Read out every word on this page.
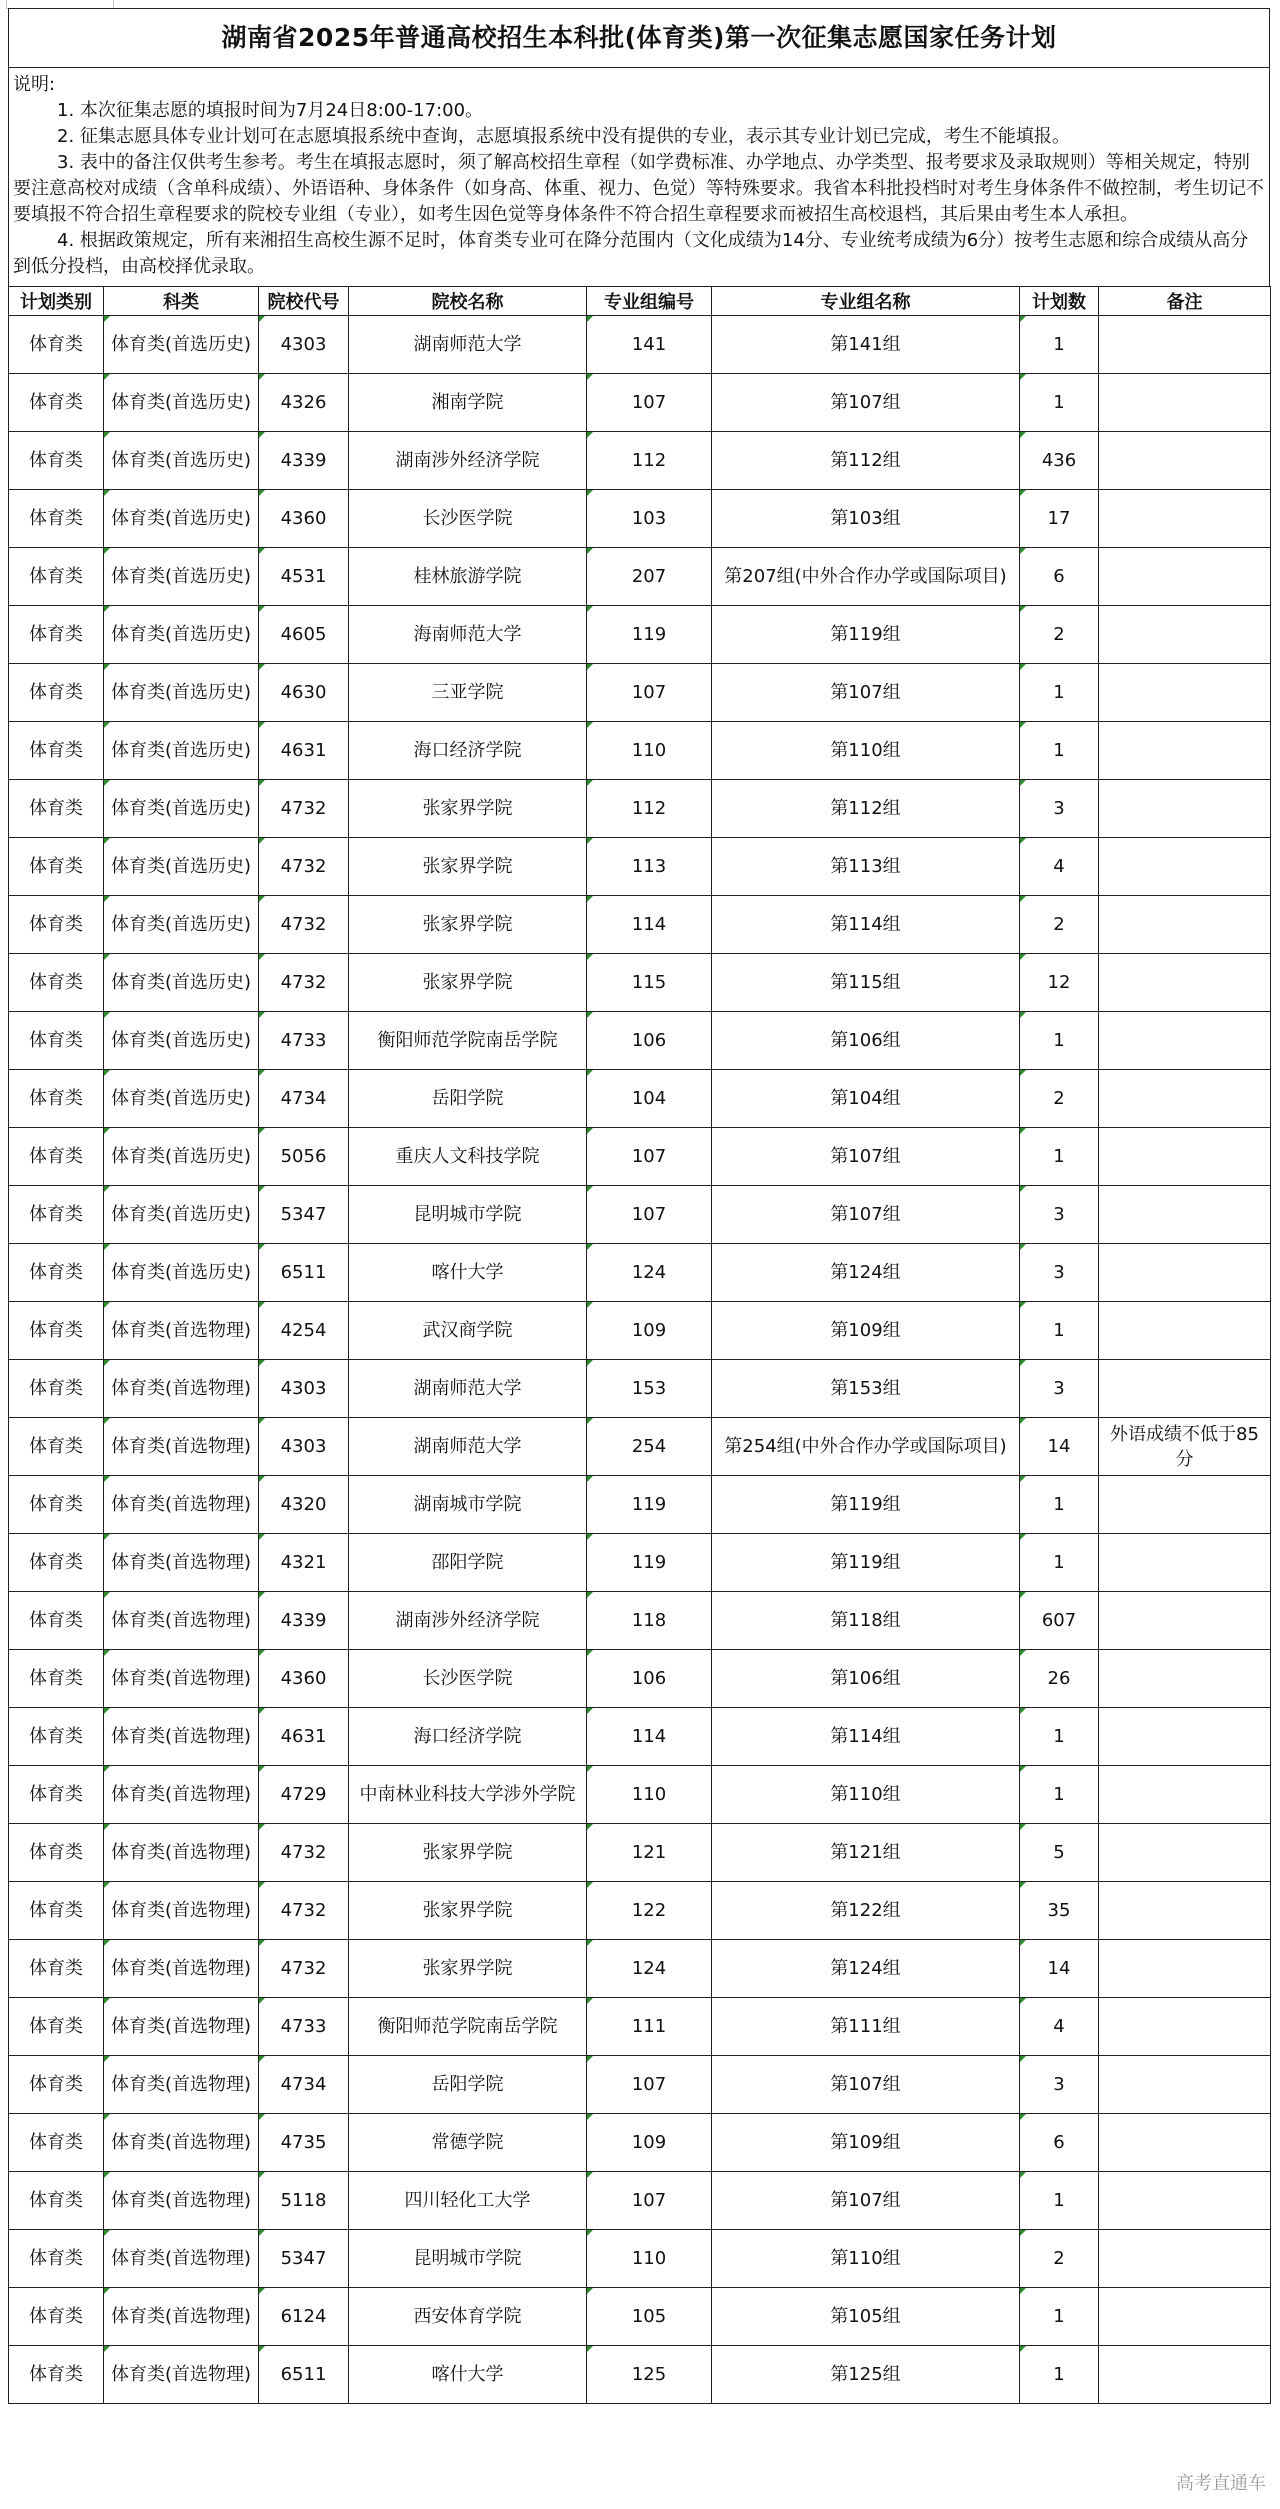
湖南省2025年普通高校招生本科批(体育类)第一次征集志愿国家任务计划

说明:

1. 本次征集志愿的填报时间为7月24日8:00-17:00。

2. 征集志愿具体专业计划可在志愿填报系统中查询，志愿填报系统中没有提供的专业，表示其专业计划已完成，考生不能填报。

3. 表中的备注仅供考生参考。考生在填报志愿时，须了解高校招生章程（如学费标准、办学地点、办学类型、报考要求及录取规则）等相关规定，特别要注意高校对成绩（含单科成绩）、外语语种、身体条件（如身高、体重、视力、色觉）等特殊要求。我省本科批投档时对考生身体条件不做控制，考生切记不要填报不符合招生章程要求的院校专业组（专业），如考生因色觉等身体条件不符合招生章程要求而被招生高校退档，其后果由考生本人承担。

4. 根据政策规定，所有来湘招生高校生源不足时，体育类专业可在降分范围内（文化成绩为14分、专业统考成绩为6分）按考生志愿和综合成绩从高分到低分投档，由高校择优录取。

计划类别	科类	院校代号	院校名称	专业组编号	专业组名称	计划数	备注
体育类	体育类(首选历史)	4303	湖南师范大学	141	第141组	1	
体育类	体育类(首选历史)	4326	湘南学院	107	第107组	1	
体育类	体育类(首选历史)	4339	湖南涉外经济学院	112	第112组	436	
体育类	体育类(首选历史)	4360	长沙医学院	103	第103组	17	
体育类	体育类(首选历史)	4531	桂林旅游学院	207	第207组(中外合作办学或国际项目)	6	
体育类	体育类(首选历史)	4605	海南师范大学	119	第119组	2	
体育类	体育类(首选历史)	4630	三亚学院	107	第107组	1	
体育类	体育类(首选历史)	4631	海口经济学院	110	第110组	1	
体育类	体育类(首选历史)	4732	张家界学院	112	第112组	3	
体育类	体育类(首选历史)	4732	张家界学院	113	第113组	4	
体育类	体育类(首选历史)	4732	张家界学院	114	第114组	2	
体育类	体育类(首选历史)	4732	张家界学院	115	第115组	12	
体育类	体育类(首选历史)	4733	衡阳师范学院南岳学院	106	第106组	1	
体育类	体育类(首选历史)	4734	岳阳学院	104	第104组	2	
体育类	体育类(首选历史)	5056	重庆人文科技学院	107	第107组	1	
体育类	体育类(首选历史)	5347	昆明城市学院	107	第107组	3	
体育类	体育类(首选历史)	6511	喀什大学	124	第124组	3	
体育类	体育类(首选物理)	4254	武汉商学院	109	第109组	1	
体育类	体育类(首选物理)	4303	湖南师范大学	153	第153组	3	
体育类	体育类(首选物理)	4303	湖南师范大学	254	第254组(中外合作办学或国际项目)	14	外语成绩不低于85分
体育类	体育类(首选物理)	4320	湖南城市学院	119	第119组	1	
体育类	体育类(首选物理)	4321	邵阳学院	119	第119组	1	
体育类	体育类(首选物理)	4339	湖南涉外经济学院	118	第118组	607	
体育类	体育类(首选物理)	4360	长沙医学院	106	第106组	26	
体育类	体育类(首选物理)	4631	海口经济学院	114	第114组	1	
体育类	体育类(首选物理)	4729	中南林业科技大学涉外学院	110	第110组	1	
体育类	体育类(首选物理)	4732	张家界学院	121	第121组	5	
体育类	体育类(首选物理)	4732	张家界学院	122	第122组	35	
体育类	体育类(首选物理)	4732	张家界学院	124	第124组	14	
体育类	体育类(首选物理)	4733	衡阳师范学院南岳学院	111	第111组	4	
体育类	体育类(首选物理)	4734	岳阳学院	107	第107组	3	
体育类	体育类(首选物理)	4735	常德学院	109	第109组	6	
体育类	体育类(首选物理)	5118	四川轻化工大学	107	第107组	1	
体育类	体育类(首选物理)	5347	昆明城市学院	110	第110组	2	
体育类	体育类(首选物理)	6124	西安体育学院	105	第105组	1	
体育类	体育类(首选物理)	6511	喀什大学	125	第125组	1	
高考直通车
